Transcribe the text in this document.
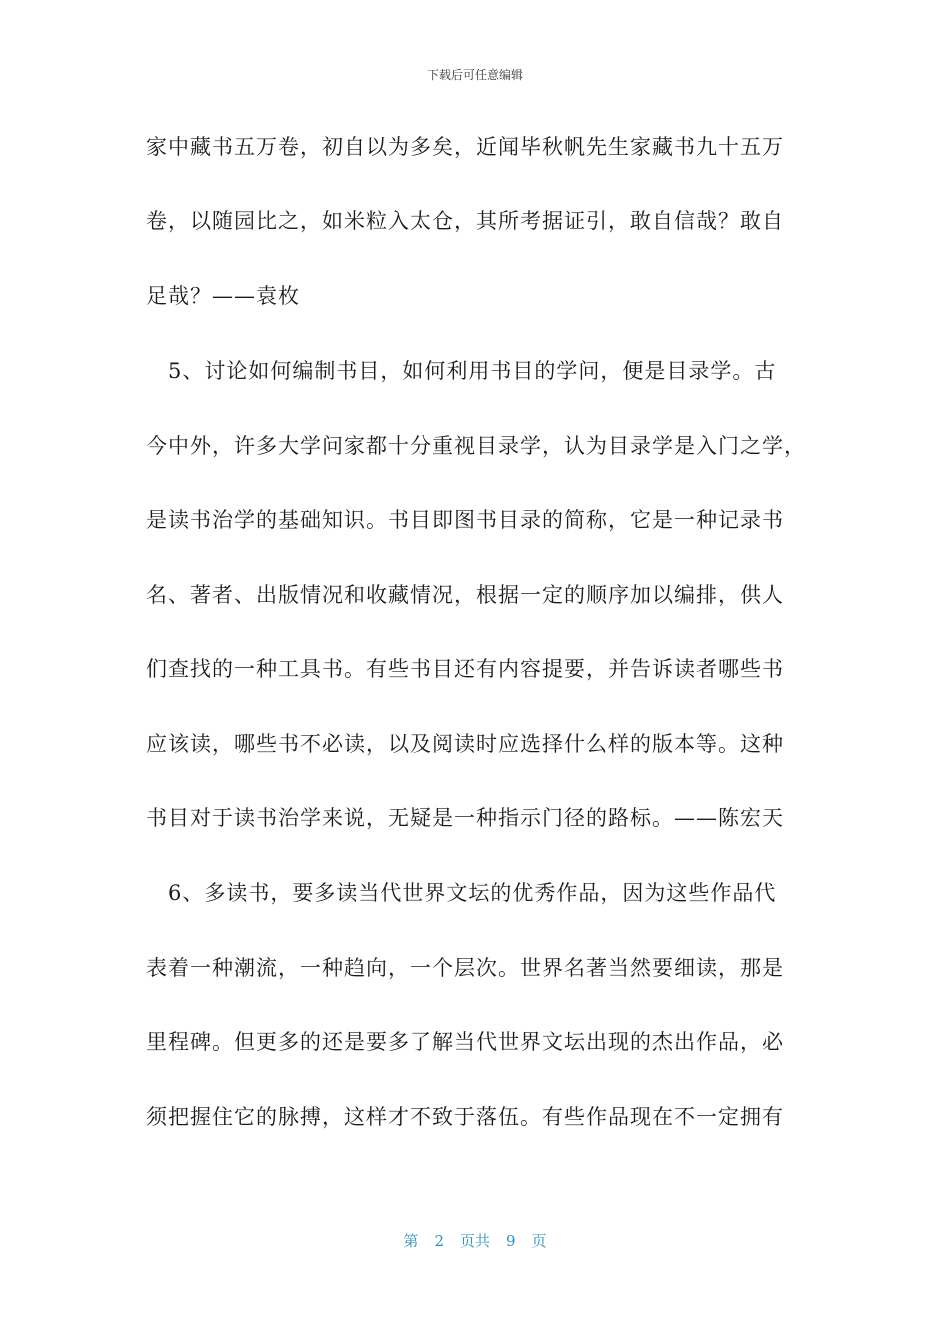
下载后可任意编辑
家中藏书五万卷，初自以为多矣，近闻毕秋帆先生家藏书九十五万
卷，以随园比之，如米粒入太仓，其所考据证引，敢自信哉？敢自
足哉？——袁枚
　5、讨论如何编制书目，如何利用书目的学问，便是目录学。古
今中外，许多大学问家都十分重视目录学，认为目录学是入门之学，
是读书治学的基础知识。书目即图书目录的简称，它是一种记录书
名、著者、出版情况和收藏情况，根据一定的顺序加以编排，供人
们查找的一种工具书。有些书目还有内容提要，并告诉读者哪些书
应该读，哪些书不必读，以及阅读时应选择什么样的版本等。这种
书目对于读书治学来说，无疑是一种指示门径的路标。——陈宏天
　6、多读书，要多读当代世界文坛的优秀作品，因为这些作品代
表着一种潮流，一种趋向，一个层次。世界名著当然要细读，那是
里程碑。但更多的还是要多了解当代世界文坛出现的杰出作品，必
须把握住它的脉搏，这样才不致于落伍。有些作品现在不一定拥有
第 2 页共 9 页
